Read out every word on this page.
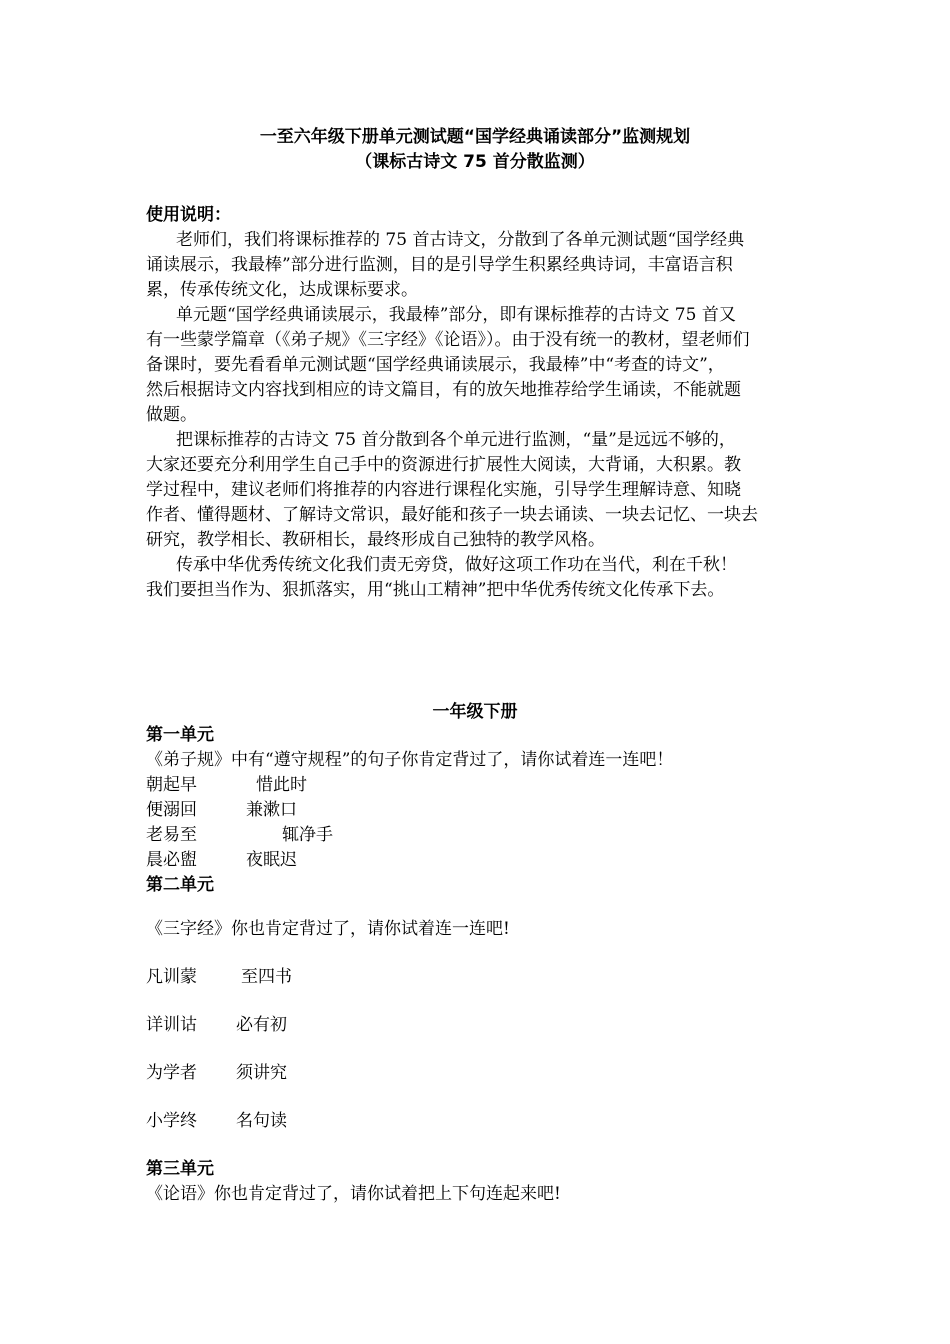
一至六年级下册单元测试题“国学经典诵读部分”监测规划
（课标古诗文 75 首分散监测）
使用说明：
老师们，我们将课标推荐的 75 首古诗文，分散到了各单元测试题“国学经典
诵读展示，我最棒”部分进行监测，目的是引导学生积累经典诗词，丰富语言积
累，传承传统文化，达成课标要求。
单元题“国学经典诵读展示，我最棒”部分，即有课标推荐的古诗文 75 首又
有一些蒙学篇章（《弟子规》《三字经》《论语》）。由于没有统一的教材，望老师们
备课时，要先看看单元测试题“国学经典诵读展示，我最棒”中“考查的诗文”，
然后根据诗文内容找到相应的诗文篇目，有的放矢地推荐给学生诵读，不能就题
做题。
把课标推荐的古诗文 75 首分散到各个单元进行监测，“量”是远远不够的，
大家还要充分利用学生自己手中的资源进行扩展性大阅读，大背诵，大积累。教
学过程中，建议老师们将推荐的内容进行课程化实施，引导学生理解诗意、知晓
作者、懂得题材、了解诗文常识，最好能和孩子一块去诵读、一块去记忆、一块去
研究，教学相长、教研相长，最终形成自己独特的教学风格。
传承中华优秀传统文化我们责无旁贷，做好这项工作功在当代，利在千秋！
我们要担当作为、狠抓落实，用“挑山工精神”把中华优秀传统文化传承下去。
一年级下册
第一单元
《弟子规》中有“遵守规程”的句子你肯定背过了，请你试着连一连吧！
朝起早	惜此时
便溺回	兼漱口
老易至	辄净手
晨必盥	夜眠迟
第二单元
《三字经》你也肯定背过了，请你试着连一连吧!
凡训蒙	至四书
详训诂 必有初
为学者 须讲究
小学终 名句读
第三单元
《论语》你也肯定背过了，请你试着把上下句连起来吧!
